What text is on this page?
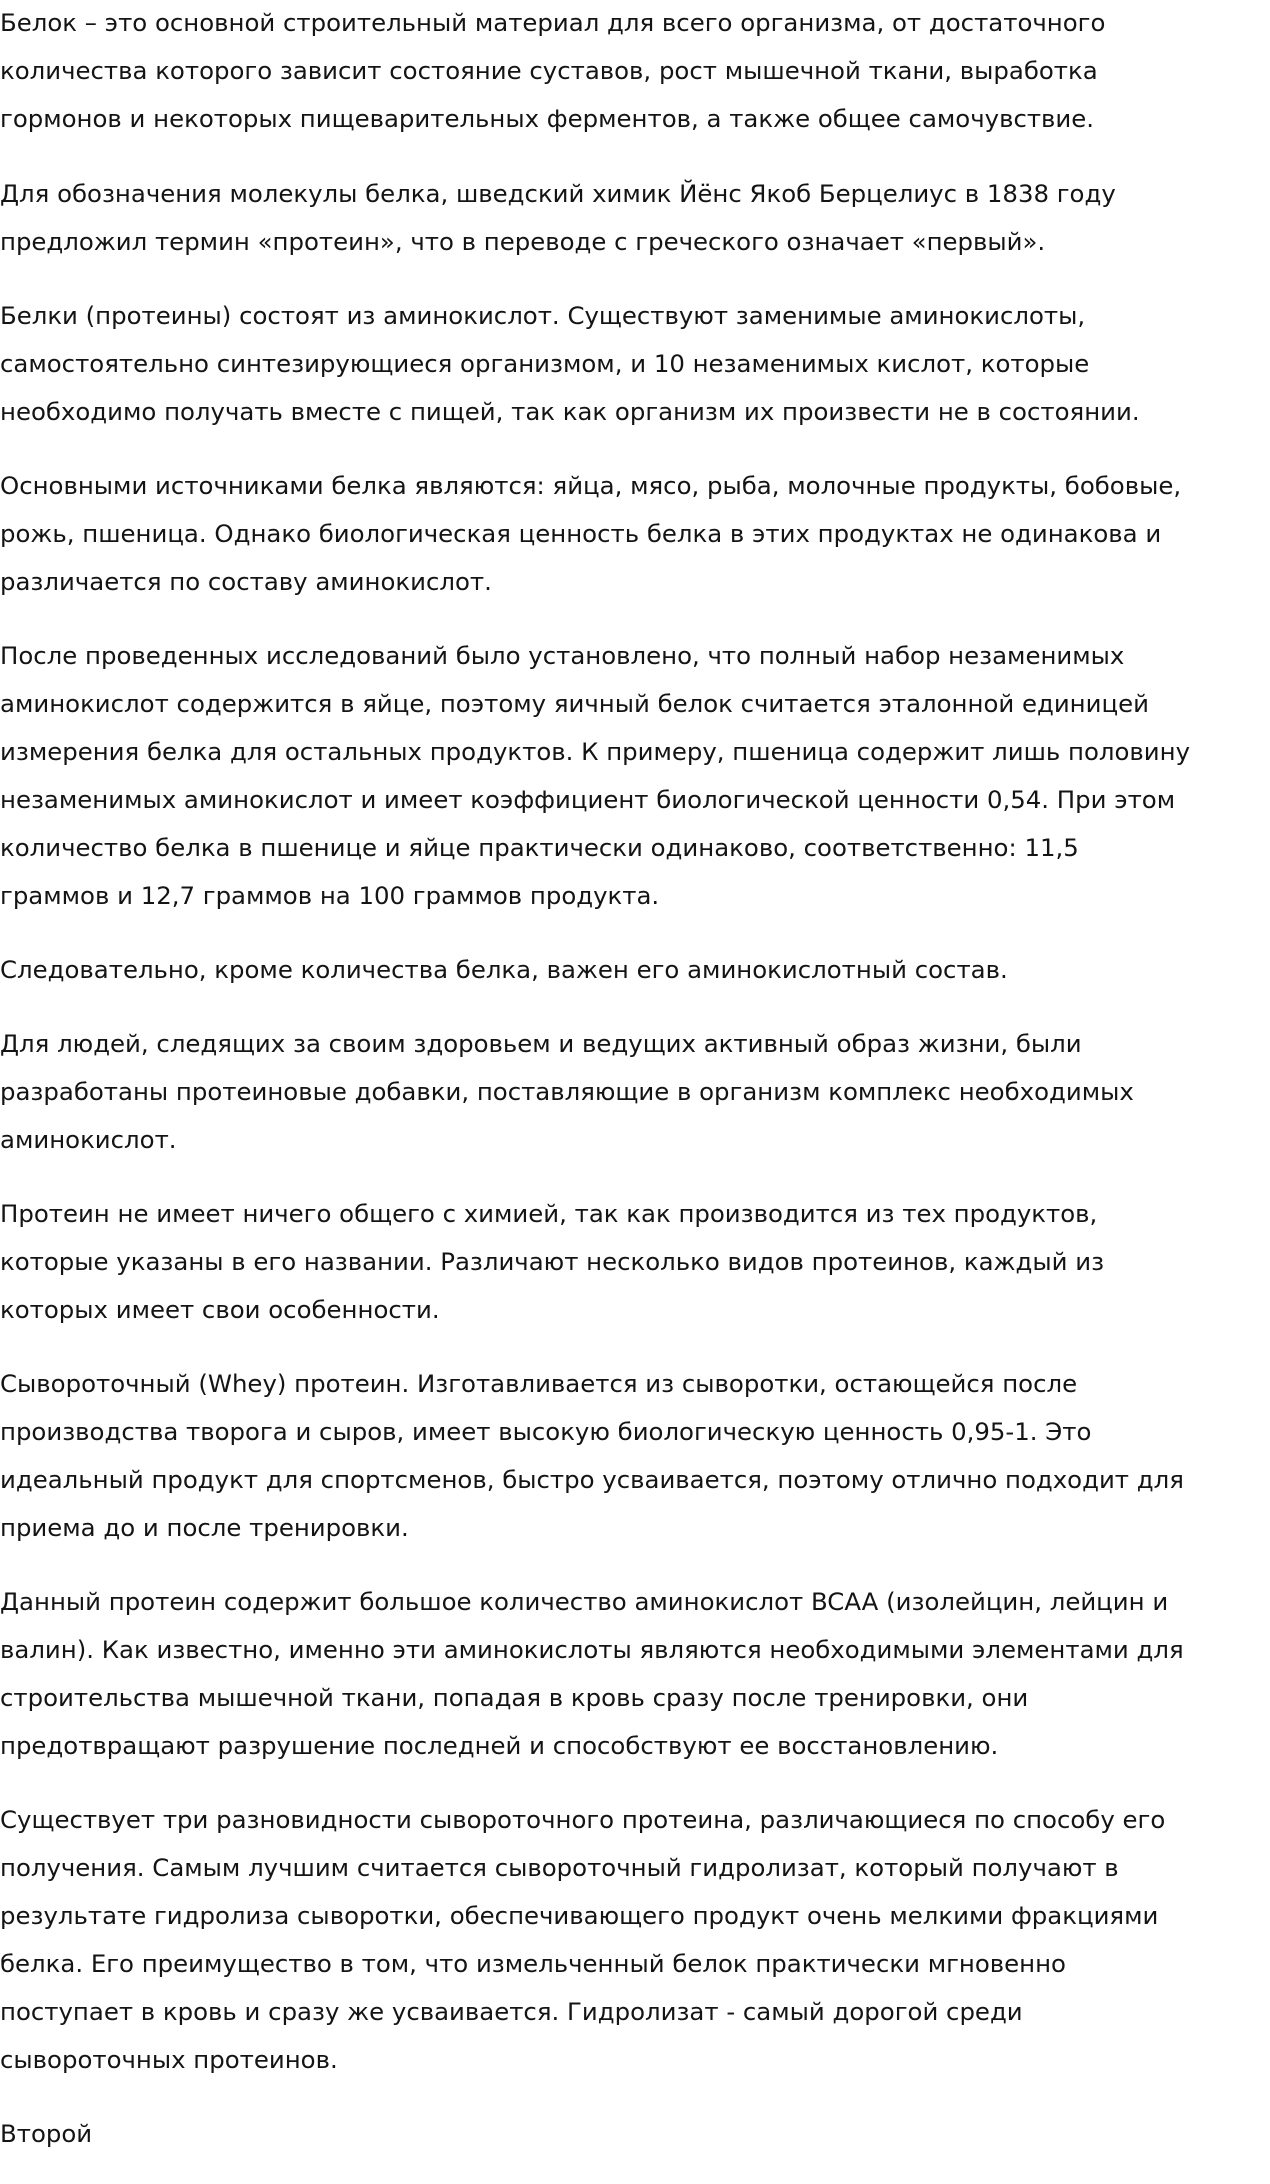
Белок – это основной строительный материал для всего организма, от достаточного
количества которого зависит состояние суставов, рост мышечной ткани, выработка
гормонов и некоторых пищеварительных ферментов, а также общее самочувствие.

Для обозначения молекулы белка, шведский химик Йёнс Якоб Берцелиус в 1838 году
предложил термин «протеин», что в переводе с греческого означает «первый».

Белки (протеины) состоят из аминокислот. Существуют заменимые аминокислоты,
самостоятельно синтезирующиеся организмом, и 10 незаменимых кислот, которые
необходимо получать вместе с пищей, так как организм их произвести не в состоянии.

Основными источниками белка являются: яйца, мясо, рыба, молочные продукты, бобовые,
рожь, пшеница. Однако биологическая ценность белка в этих продуктах не одинакова и
различается по составу аминокислот.

После проведенных исследований было установлено, что полный набор незаменимых
аминокислот содержится в яйце, поэтому яичный белок считается эталонной единицей
измерения белка для остальных продуктов. К примеру, пшеница содержит лишь половину
незаменимых аминокислот и имеет коэффициент биологической ценности 0,54. При этом
количество белка в пшенице и яйце практически одинаково, соответственно: 11,5
граммов и 12,7 граммов на 100 граммов продукта.

Следовательно, кроме количества белка, важен его аминокислотный состав.

Для людей, следящих за своим здоровьем и ведущих активный образ жизни, были
разработаны протеиновые добавки, поставляющие в организм комплекс необходимых
аминокислот.

Протеин не имеет ничего общего с химией, так как производится из тех продуктов,
которые указаны в его названии. Различают несколько видов протеинов, каждый из
которых имеет свои особенности.

Сывороточный (Whey) протеин. Изготавливается из сыворотки, остающейся после
производства творога и сыров, имеет высокую биологическую ценность 0,95-1. Это
идеальный продукт для спортсменов, быстро усваивается, поэтому отлично подходит для
приема до и после тренировки.

Данный протеин содержит большое количество аминокислот BCAA (изолейцин, лейцин и
валин). Как известно, именно эти аминокислоты являются необходимыми элементами для
строительства мышечной ткани, попадая в кровь сразу после тренировки, они
предотвращают разрушение последней и способствуют ее восстановлению.

Существует три разновидности сывороточного протеина, различающиеся по способу его
получения. Самым лучшим считается сывороточный гидролизат, который получают в
результате гидролиза сыворотки, обеспечивающего продукт очень мелкими фракциями
белка. Его преимущество в том, что измельченный белок практически мгновенно
поступает в кровь и сразу же усваивается. Гидролизат - самый дорогой среди
сывороточных протеинов.

Второй
